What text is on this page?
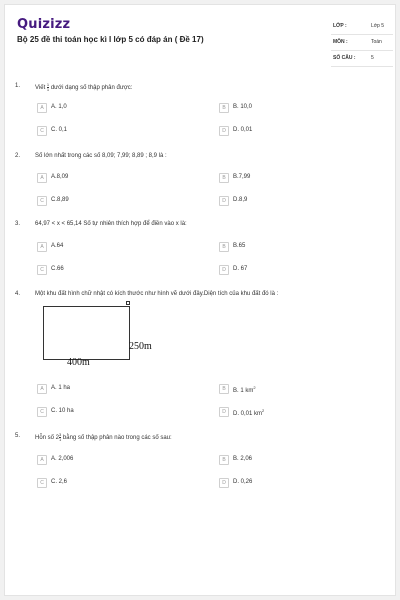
Quizizz
Bộ 25 đề thi toán học kì I lớp 5 có đáp án ( Đề 17)
LỚP :	Lớp 5
MÔN :	Toán
SỐ CÂU :	5
1. Viết $\frac{1}{1}$ dưới dạng số thập phân được:
A	A. 1,0	B	B. 10,0
C	C. 0,1	D	D. 0,01
2. Số lớn nhất trong các số 8,09; 7,99; 8,89 ; 8,9 là :
A	A.8,09	B	B.7,99
C	C.8,89	D	D.8,9
3. 64,97 < x < 65,14 Số tự nhiên thích hợp để điền vào x là:
A	A.64	B	B.65
C	C.66	D	D. 67
4. Một khu đất hình chữ nhật có kích thước như hình vẽ dưới đây.Diện tích của khu đất đó là :
250m
400m
A	A. 1 ha	B	B. 1 $km^2$
C	C. 10 ha	D	D. 0,01 $km^2$
5. Hỗn số $2 \frac{3}{1}$ bằng số thập phân nào trong các số sau:
A	A. 2,006	B	B. 2,06
C	C. 2,6	D	D. 0,26
